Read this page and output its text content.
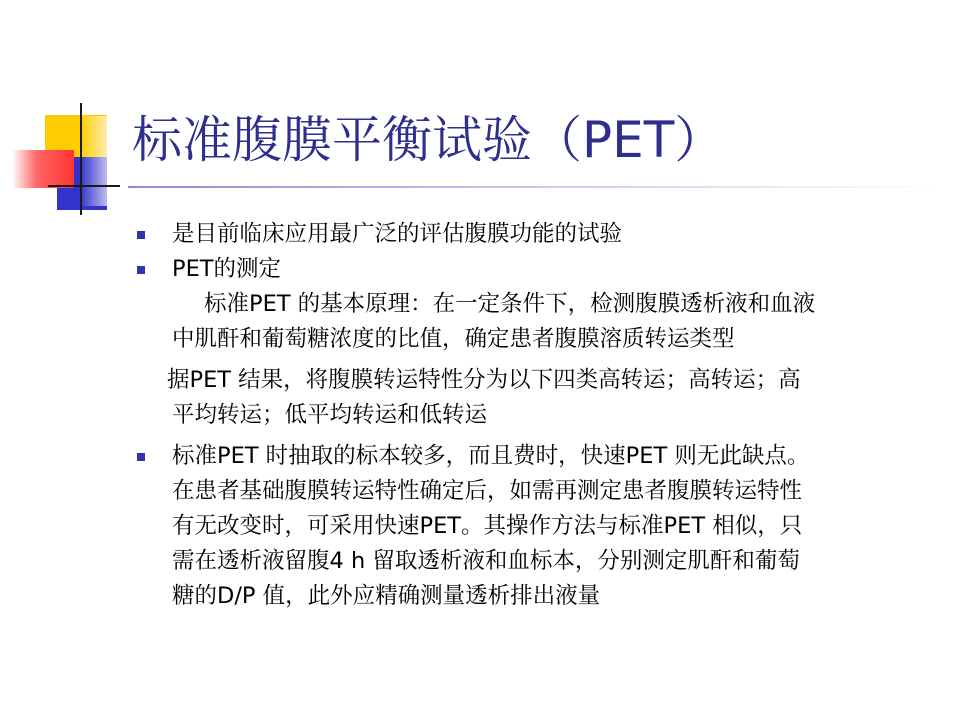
标准腹膜平衡试验（PET）
是目前临床应用最广泛的评估腹膜功能的试验
PET的测定
标准PET 的基本原理：在一定条件下，检测腹膜透析液和血液
中肌酐和葡萄糖浓度的比值，确定患者腹膜溶质转运类型
据PET 结果，将腹膜转运特性分为以下四类高转运；高转运；高
平均转运；低平均转运和低转运
标准PET 时抽取的标本较多，而且费时，快速PET 则无此缺点。
在患者基础腹膜转运特性确定后，如需再测定患者腹膜转运特性
有无改变时，可采用快速PET。其操作方法与标准PET 相似，只
需在透析液留腹4 h 留取透析液和血标本，分别测定肌酐和葡萄
糖的D/P 值，此外应精确测量透析排出液量
